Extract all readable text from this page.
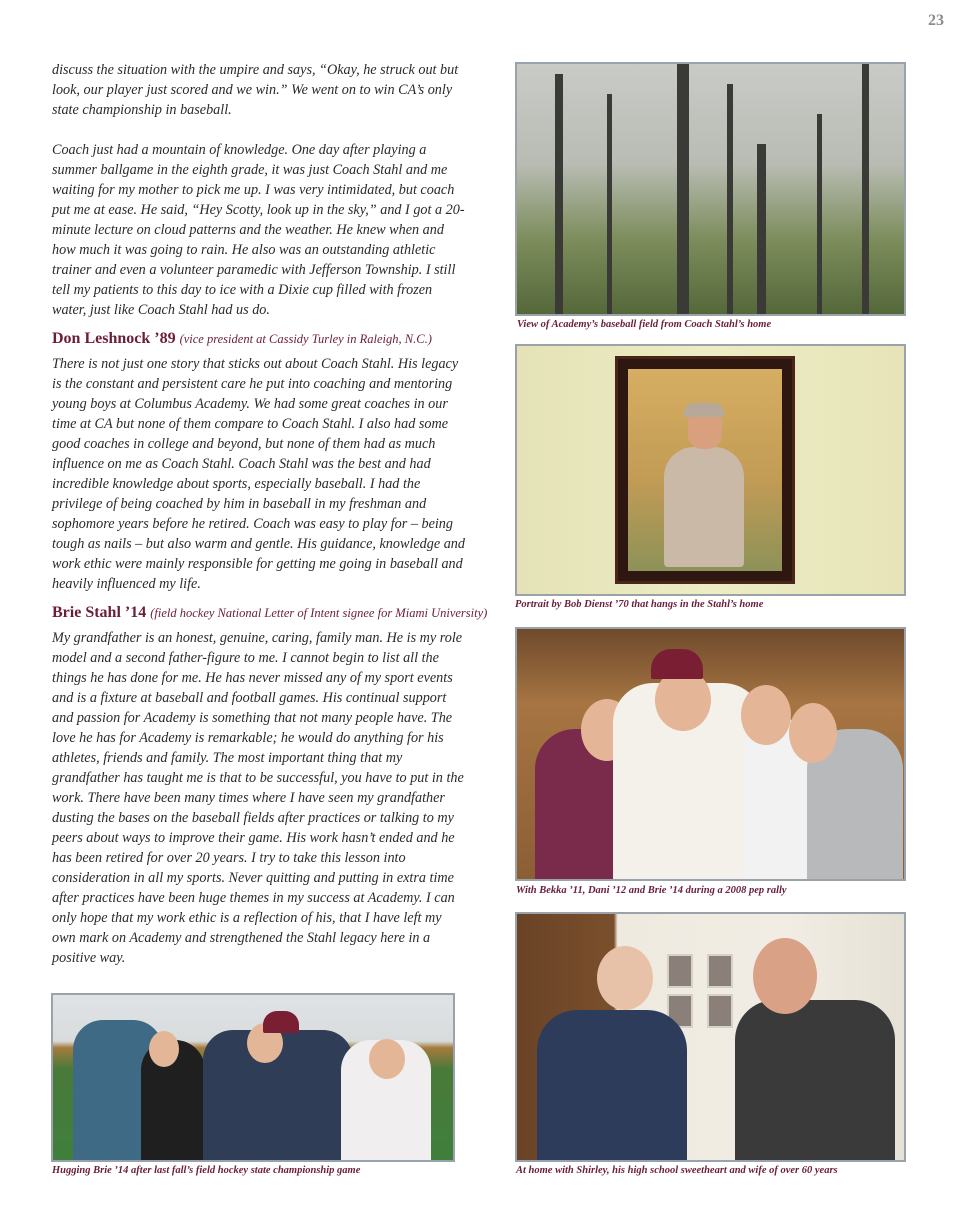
23

discuss the situation with the umpire and says, “Okay, he struck out but look, our player just scored and we win.” We went on to win CA’s only state championship in baseball.

Coach just had a mountain of knowledge. One day after playing a summer ballgame in the eighth grade, it was just Coach Stahl and me waiting for my mother to pick me up. I was very intimidated, but coach put me at ease. He said, “Hey Scotty, look up in the sky,” and I got a 20-minute lecture on cloud patterns and the weather. He knew when and how much it was going to rain. He also was an outstanding athletic trainer and even a volunteer paramedic with Jefferson Township. I still tell my patients to this day to ice with a Dixie cup filled with frozen water, just like Coach Stahl had us do.

Don Leshnock ’89 (vice president at Cassidy Turley in Raleigh, N.C.)

There is not just one story that sticks out about Coach Stahl. His legacy is the constant and persistent care he put into coaching and mentoring young boys at Columbus Academy. We had some great coaches in our time at CA but none of them compare to Coach Stahl. I also had some good coaches in college and beyond, but none of them had as much influence on me as Coach Stahl. Coach Stahl was the best and had incredible knowledge about sports, especially baseball. I had the privilege of being coached by him in baseball in my freshman and sophomore years before he retired. Coach was easy to play for – being tough as nails – but also warm and gentle. His guidance, knowledge and work ethic were mainly responsible for getting me going in baseball and heavily influenced my life.

Brie Stahl ’14 (field hockey National Letter of Intent signee for Miami University)

My grandfather is an honest, genuine, caring, family man. He is my role model and a second father-figure to me. I cannot begin to list all the things he has done for me. He has never missed any of my sport events and is a fixture at baseball and football games. His continual support and passion for Academy is something that not many people have. The love he has for Academy is remarkable; he would do anything for his athletes, friends and family. The most important thing that my grandfather has taught me is that to be successful, you have to put in the work. There have been many times where I have seen my grandfather dusting the bases on the baseball fields after practices or talking to my peers about ways to improve their game. His work hasn’t ended and he has been retired for over 20 years. I try to take this lesson into consideration in all my sports. Never quitting and putting in extra time after practices have been huge themes in my success at Academy. I can only hope that my work ethic is a reflection of his, that I have left my own mark on Academy and strengthened the Stahl legacy here in a positive way.

View of Academy’s baseball field from Coach Stahl’s home
Portrait by Bob Dienst ’70 that hangs in the Stahl’s home
With Bekka ’11, Dani ’12 and Brie ’14 during a 2008 pep rally
Hugging Brie ’14 after last fall’s field hockey state championship game	At home with Shirley, his high school sweetheart and wife of over 60 years
